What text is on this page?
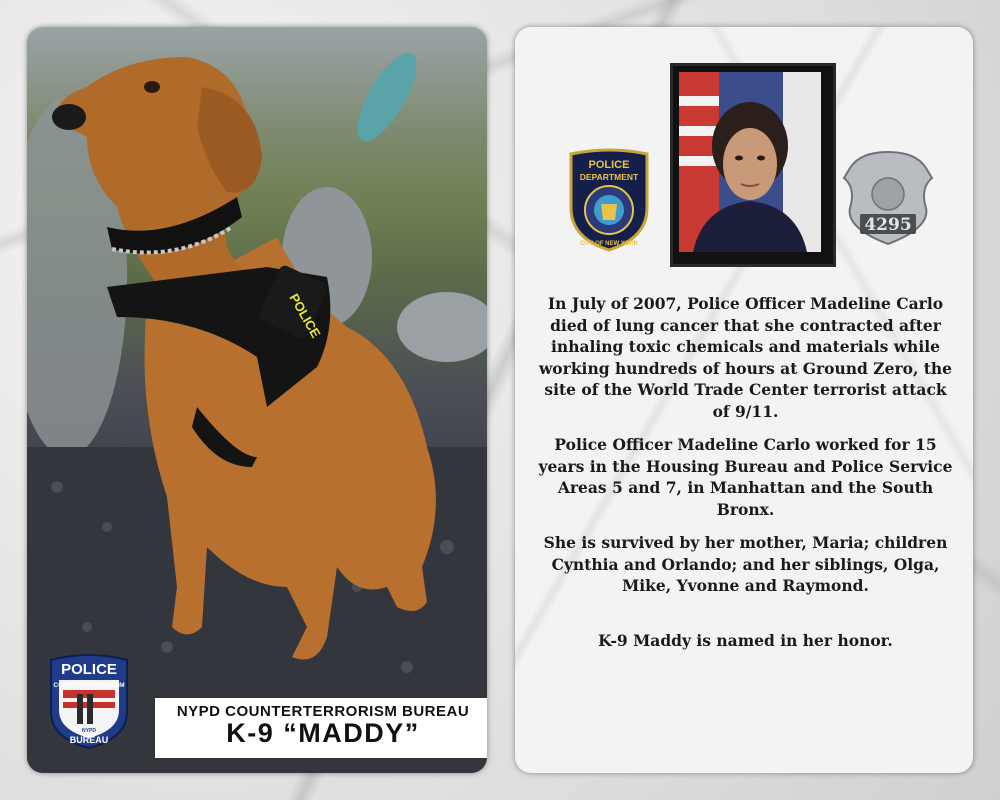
POLICE
NYPD COUNTERTERRORISM BUREAU
K-9 “MADDY”
POLICE
COUNTERTERRORISM
NYPD
BUREAU
POLICE
DEPARTMENT
CITY OF NEW YORK
4295
In July of 2007, Police Officer Madeline Carlo died of lung cancer that she contracted after inhaling toxic chemicals and materials while working hundreds of hours at Ground Zero, the site of the World Trade Center terrorist attack of 9/11.
Police Officer Madeline Carlo worked for 15 years in the Housing Bureau and Police Service Areas 5 and 7, in Manhattan and the South Bronx.
She is survived by her mother, Maria; children Cynthia and Orlando; and her siblings, Olga, Mike, Yvonne and Raymond.
K-9 Maddy is named in her honor.
